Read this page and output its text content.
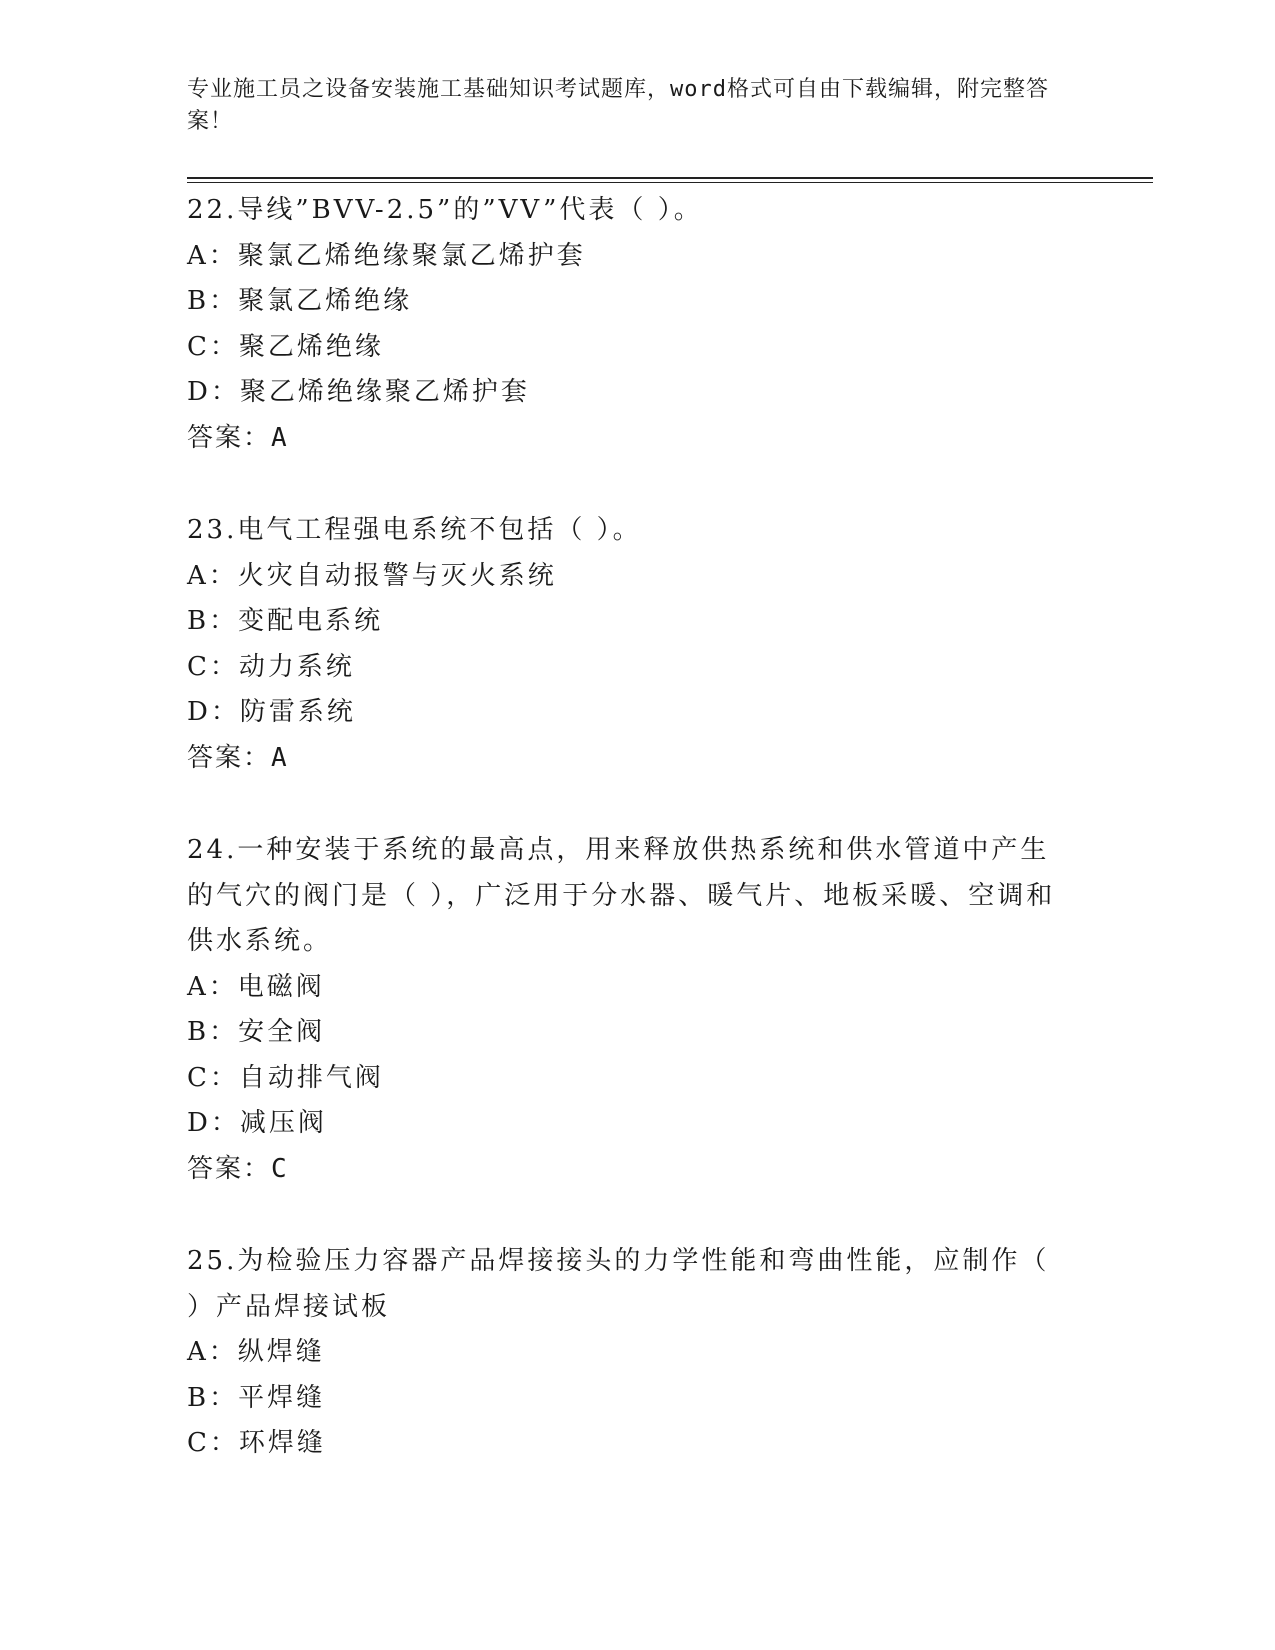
专业施工员之设备安装施工基础知识考试题库，word格式可自由下载编辑，附完整答案！

22.导线”BVV-2.5”的”VV”代表（ ）。

A：聚氯乙烯绝缘聚氯乙烯护套

B：聚氯乙烯绝缘

C：聚乙烯绝缘

D：聚乙烯绝缘聚乙烯护套

答案：A

23.电气工程强电系统不包括（ ）。

A：火灾自动报警与灭火系统

B：变配电系统

C：动力系统

D：防雷系统

答案：A

24.一种安装于系统的最高点，用来释放供热系统和供水管道中产生的气穴的阀门是（ ），广泛用于分水器、暖气片、地板采暖、空调和供水系统。

A：电磁阀

B：安全阀

C：自动排气阀

D：减压阀

答案：C

25.为检验压力容器产品焊接接头的力学性能和弯曲性能，应制作（ ）产品焊接试板

A：纵焊缝

B：平焊缝

C：环焊缝
